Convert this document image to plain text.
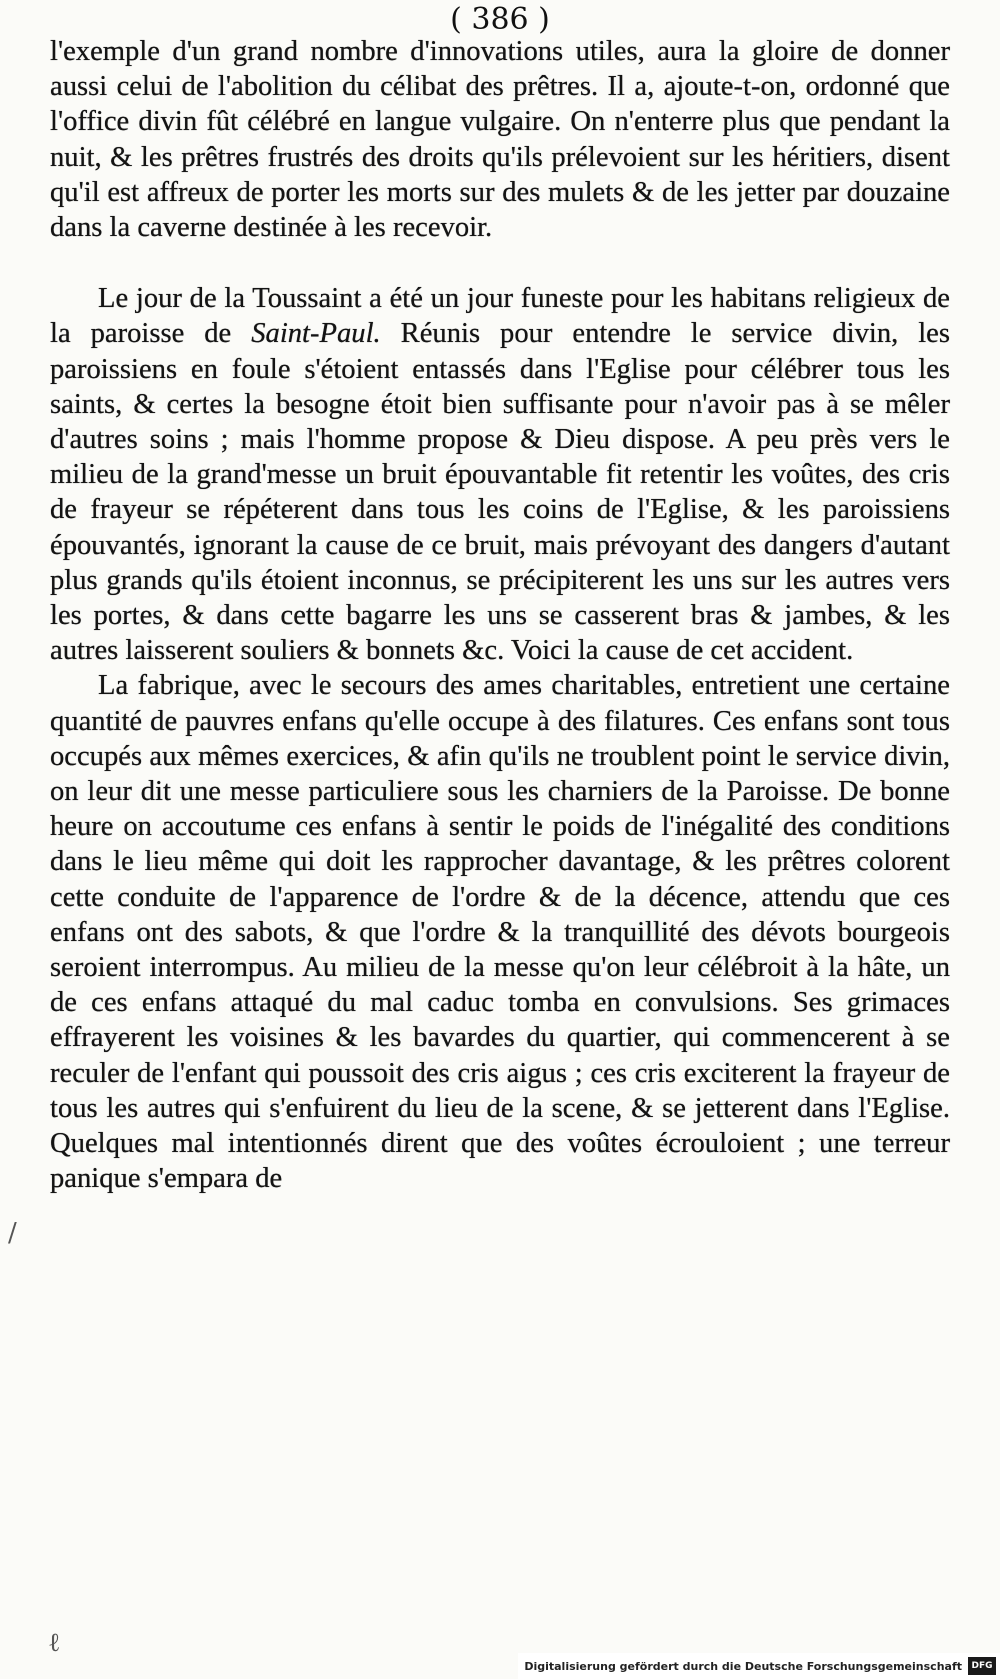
( 386 )

l'exemple d'un grand nombre d'innovations utiles, aura la gloire de donner aussi celui de l'abolition du célibat des prêtres. Il a, ajoute-t-on, ordonné que l'office divin fût célébré en langue vulgaire. On n'enterre plus que pendant la nuit, & les prêtres frustrés des droits qu'ils prélevoient sur les héritiers, disent qu'il est affreux de porter les morts sur des mulets & de les jetter par douzaine dans la caverne destinée à les recevoir.

Le jour de la Toussaint a été un jour funeste pour les habitans religieux de la paroisse de Saint-Paul. Réunis pour entendre le service divin, les paroissiens en foule s'étoient entassés dans l'Eglise pour célébrer tous les saints, & certes la besogne étoit bien suffisante pour n'avoir pas à se mêler d'autres soins ; mais l'homme propose & Dieu dispose. A peu près vers le milieu de la grand'messe un bruit épouvantable fit retentir les voûtes, des cris de frayeur se répéterent dans tous les coins de l'Eglise, & les paroissiens épouvantés, ignorant la cause de ce bruit, mais prévoyant des dangers d'autant plus grands qu'ils étoient inconnus, se précipiterent les uns sur les autres vers les portes, & dans cette bagarre les uns se casserent bras & jambes, & les autres laisserent souliers & bonnets &c. Voici la cause de cet accident.

La fabrique, avec le secours des ames charitables, entretient une certaine quantité de pauvres enfans qu'elle occupe à des filatures. Ces enfans sont tous occupés aux mêmes exercices, & afin qu'ils ne troublent point le service divin, on leur dit une messe particuliere sous les charniers de la Paroisse. De bonne heure on accoutume ces enfans à sentir le poids de l'inégalité des conditions dans le lieu même qui doit les rapprocher davantage, & les prêtres colorent cette conduite de l'apparence de l'ordre & de la décence, attendu que ces enfans ont des sabots, & que l'ordre & la tranquillité des dévots bourgeois seroient interrompus. Au milieu de la messe qu'on leur célébroit à la hâte, un de ces enfans attaqué du mal caduc tomba en convulsions. Ses grimaces effrayerent les voisines & les bavardes du quartier, qui commencerent à se reculer de l'enfant qui poussoit des cris aigus ; ces cris exciterent la frayeur de tous les autres qui s'enfuirent du lieu de la scene, & se jetterent dans l'Eglise. Quelques mal intentionnés dirent que des voûtes écrouloient ; une terreur panique s'empara de

/
ℓ
Digitalisierung gefördert durch die Deutsche Forschungsgemeinschaft	DFG
